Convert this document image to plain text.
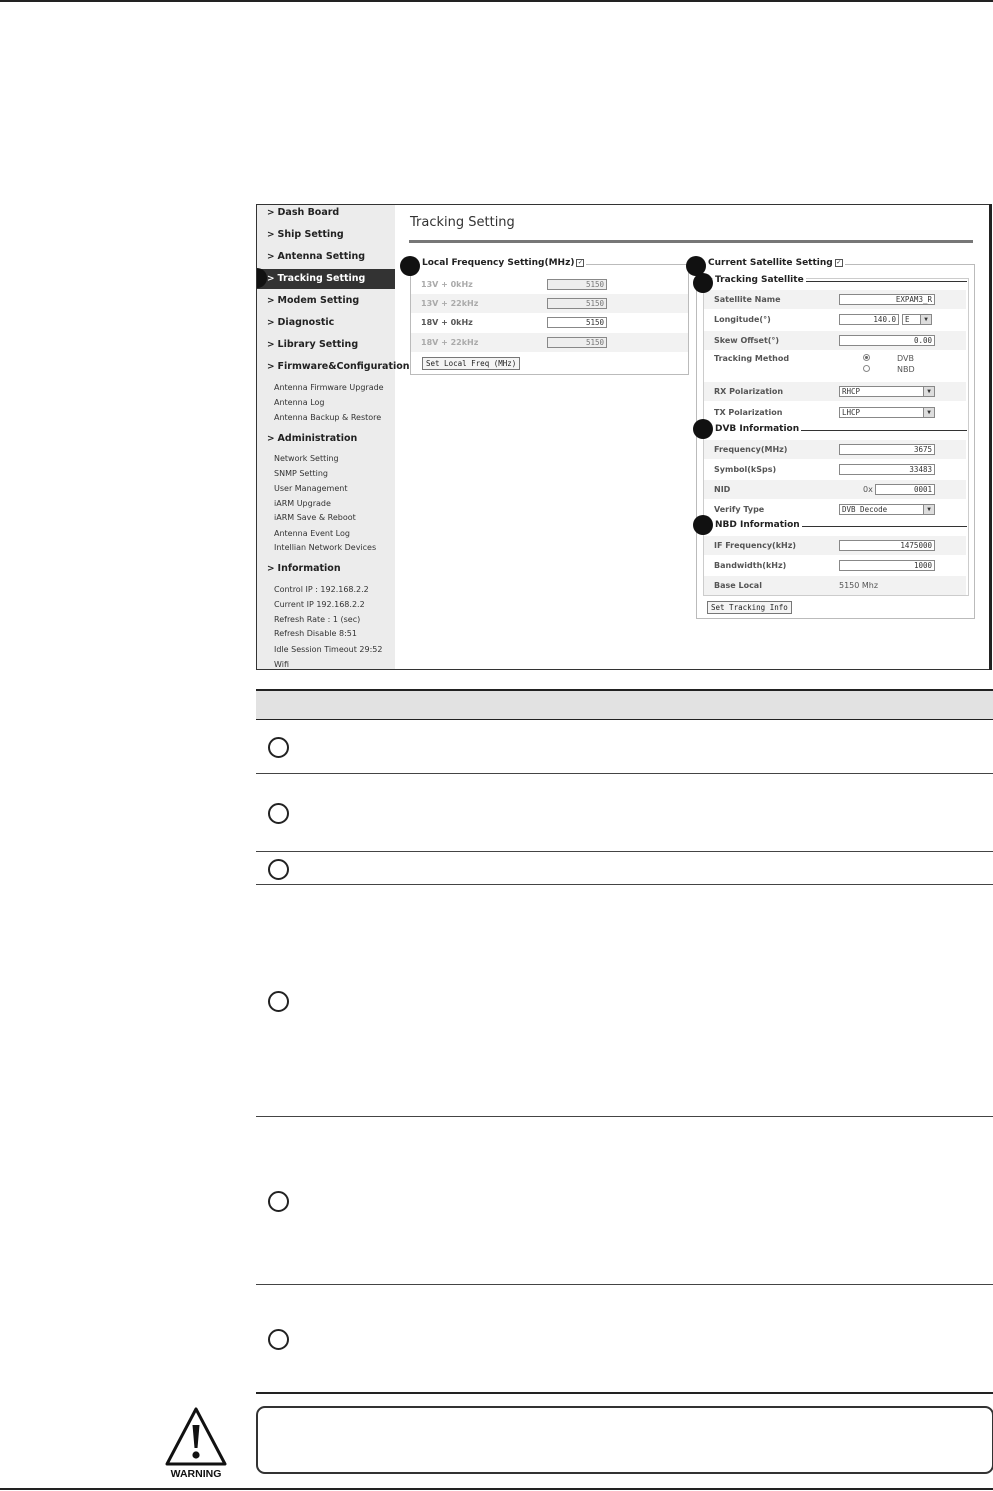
> Dash Board
> Ship Setting
> Antenna Setting
> Tracking Setting
> Modem Setting
> Diagnostic
> Library Setting
> Firmware&Configuration
Antenna Firmware Upgrade
Antenna Log
Antenna Backup & Restore
> Administration
Network Setting
SNMP Setting
User Management
iARM Upgrade
iARM Save & Reboot
Antenna Event Log
Intellian Network Devices
> Information
Control IP : 192.168.2.2
Current IP 192.168.2.2
Refresh Rate : 1 (sec)
Refresh Disable 8:51
Idle Session Timeout 29:52
Wifi
Tracking Setting
13V + 0kHz	5150
13V + 22kHz	5150
18V + 0kHz	5150
18V + 22kHz	5150
Set Local Freq (MHz)
Local Frequency Setting(MHz) ✓
Tracking Satellite
Satellite Name	EXPAM3_R
Longitude(°)	140.0	E	▼
Skew Offset(°)	0.00
Tracking Method	DVB
NBD
RX Polarization	RHCP	▼
TX Polarization	LHCP	▼
DVB Information
Frequency(MHz)	3675
Symbol(kSps)	33483
NID	0x	0001
Verify Type	DVB Decode	▼
NBD Information
IF Frequency(kHz)	1475000
Bandwidth(kHz)	1000
Base Local	5150 Mhz
Set Tracking Info
Current Satellite Setting ✓
WARNING
